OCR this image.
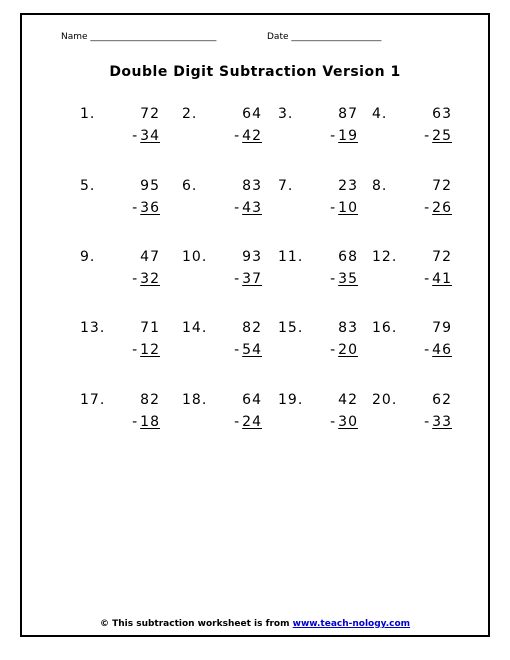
Name ____________________________	Date ____________________
Double Digit Subtraction Version 1
1.	72
- 34
2.	64
- 42
3.	87
- 19
4.	63
- 25
5.	95
- 36
6.	83
- 43
7.	23
- 10
8.	72
- 26
9.	47
- 32
10. 93
- 37
11. 68
- 35
12. 72
- 41
13. 71
- 12
14. 82
- 54
15. 83
- 20
16. 79
- 46
17. 82
- 18
18. 64
- 24
19. 42
- 30
20. 62
- 33
© This subtraction worksheet is from www.teach-nology.com
